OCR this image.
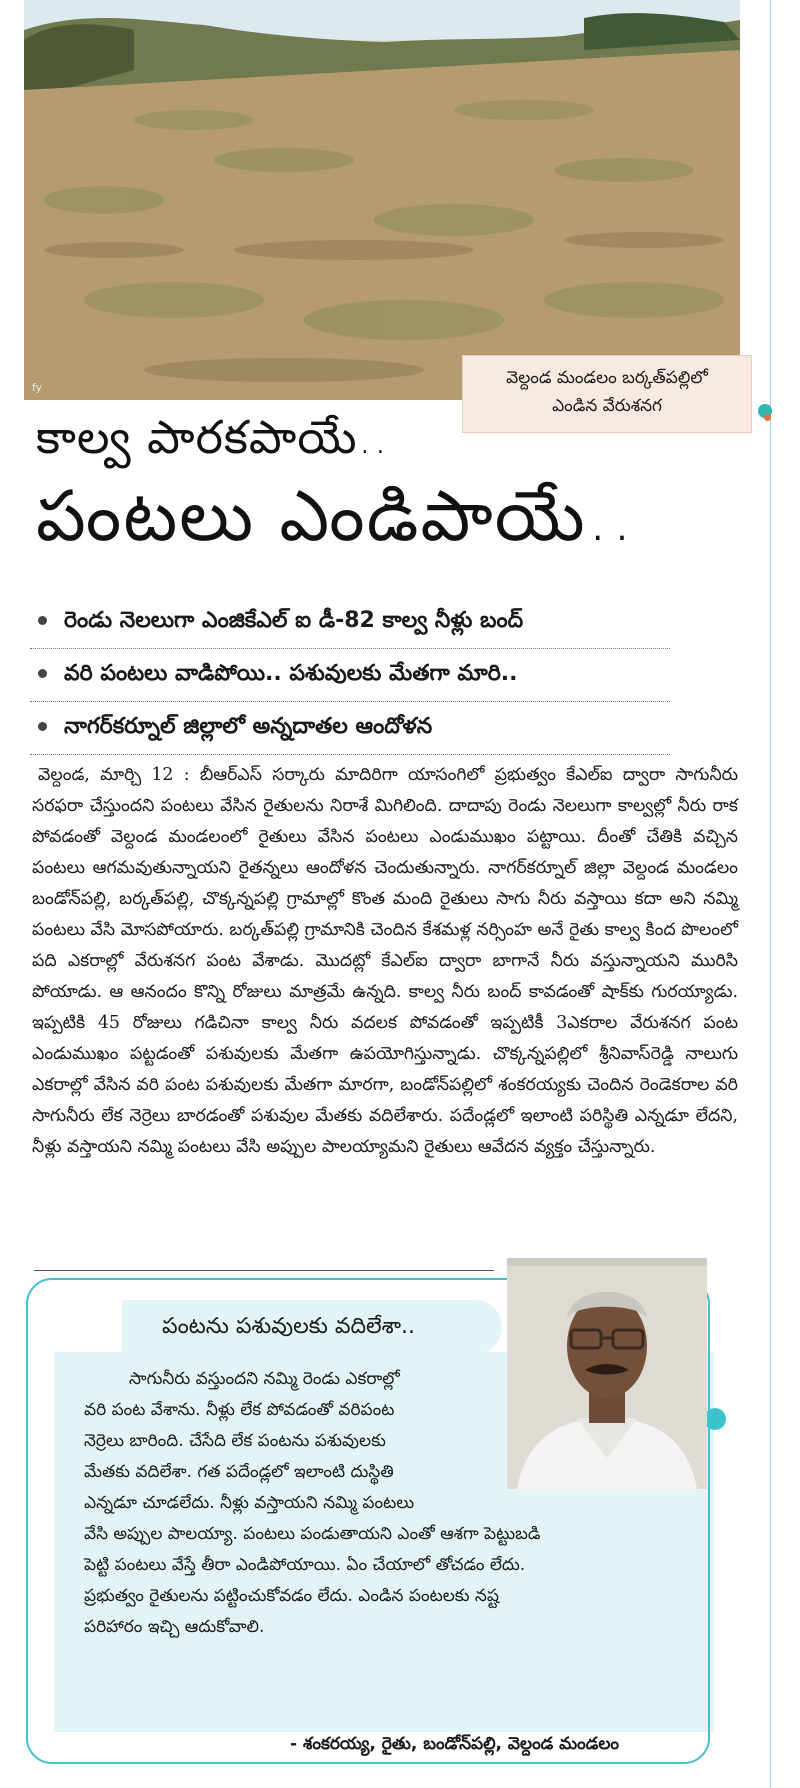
fy	వెల్దండ మండలం బర్కత్‌పల్లిలో
ఎండిన వేరుశనగ
కాల్వ పారకపాయే..
పంటలు ఎండిపాయే..
రెండు నెలలుగా ఎంజికేఎల్ ఐ డీ-82 కాల్వ నీళ్లు బంద్
వరి పంటలు వాడిపోయి.. పశువులకు మేతగా మారి..
నాగర్‌కర్నూల్ జిల్లాలో అన్నదాతల ఆందోళన

వెల్దండ, మార్చి 12 : బీఆర్ఎస్ సర్కారు మాదిరిగా యాసంగిలో ప్రభుత్వం కేఎల్ఐ ద్వారా సాగునీరు సరఫరా చేస్తుందని పంటలు వేసిన రైతులను నిరాశే మిగిలింది. దాదాపు రెండు నెలలుగా కాల్వల్లో నీరు రాక పోవడంతో వెల్దండ మండలంలో రైతులు వేసిన పంటలు ఎండుముఖం పట్టాయి. దీంతో చేతికి వచ్చిన పంటలు ఆగమవుతున్నాయని రైతన్నలు ఆందోళన చెందుతున్నారు. నాగర్‌కర్నూల్ జిల్లా వెల్దండ మండలం బండోన్‌పల్లి, బర్కత్‌పల్లి, చొక్కన్నపల్లి గ్రామాల్లో కొంత మంది రైతులు సాగు నీరు వస్తాయి కదా అని నమ్మి పంటలు వేసి మోసపోయారు. బర్కత్‌పల్లి గ్రామానికి చెందిన కేశమళ్ల నర్సింహ అనే రైతు కాల్వ కింద పొలంలో పది ఎకరాల్లో వేరుశనగ పంట వేశాడు. మొదట్లో కేఎల్ఐ ద్వారా బాగానే నీరు వస్తున్నాయని మురిసి పోయాడు. ఆ ఆనందం కొన్ని రోజులు మాత్రమే ఉన్నది. కాల్వ నీరు బంద్ కావడంతో షాక్‌కు గురయ్యాడు. ఇప్పటికి 45 రోజులు గడిచినా కాల్వ నీరు వదలక పోవడంతో ఇప్పటికీ 3ఎకరాల వేరుశనగ పంట ఎండుముఖం పట్టడంతో పశువులకు మేతగా ఉపయోగిస్తున్నాడు. చొక్కన్నపల్లిలో శ్రీనివాస్‌రెడ్డి నాలుగు ఎకరాల్లో వేసిన వరి పంట పశువులకు మేతగా మారగా, బండోన్‌పల్లిలో శంకరయ్యకు చెందిన రెండెకరాల వరి సాగునీరు లేక నెర్రెలు బారడంతో పశువుల మేతకు వదిలేశారు. పదేండ్లలో ఇలాంటి పరిస్థితి ఎన్నడూ లేదని, నీళ్లు వస్తాయని నమ్మి పంటలు వేసి అప్పుల పాలయ్యామని రైతులు ఆవేదన వ్యక్తం చేస్తున్నారు.

పంటను పశువులకు వదిలేశా..
సాగునీరు వస్తుందని నమ్మి రెండు ఎకరాల్లో
వరి పంట వేశాను. నీళ్లు లేక పోవడంతో వరిపంట
నెర్రెలు బారింది. చేసేది లేక పంటను పశువులకు
మేతకు వదిలేశా. గత పదేండ్లలో ఇలాంటి దుస్థితి
ఎన్నడూ చూడలేదు. నీళ్లు వస్తాయని నమ్మి పంటలు
వేసి అప్పుల పాలయ్యా. పంటలు పండుతాయని ఎంతో ఆశగా పెట్టుబడి
పెట్టి పంటలు వేస్తే తీరా ఎండిపోయాయి. ఏం చేయాలో తోచడం లేదు.
ప్రభుత్వం రైతులను పట్టించుకోవడం లేదు. ఎండిన పంటలకు నష్ట
పరిహారం ఇచ్చి ఆదుకోవాలి.
- శంకరయ్య, రైతు, బండోన్‌పల్లి, వెల్దండ మండలం
